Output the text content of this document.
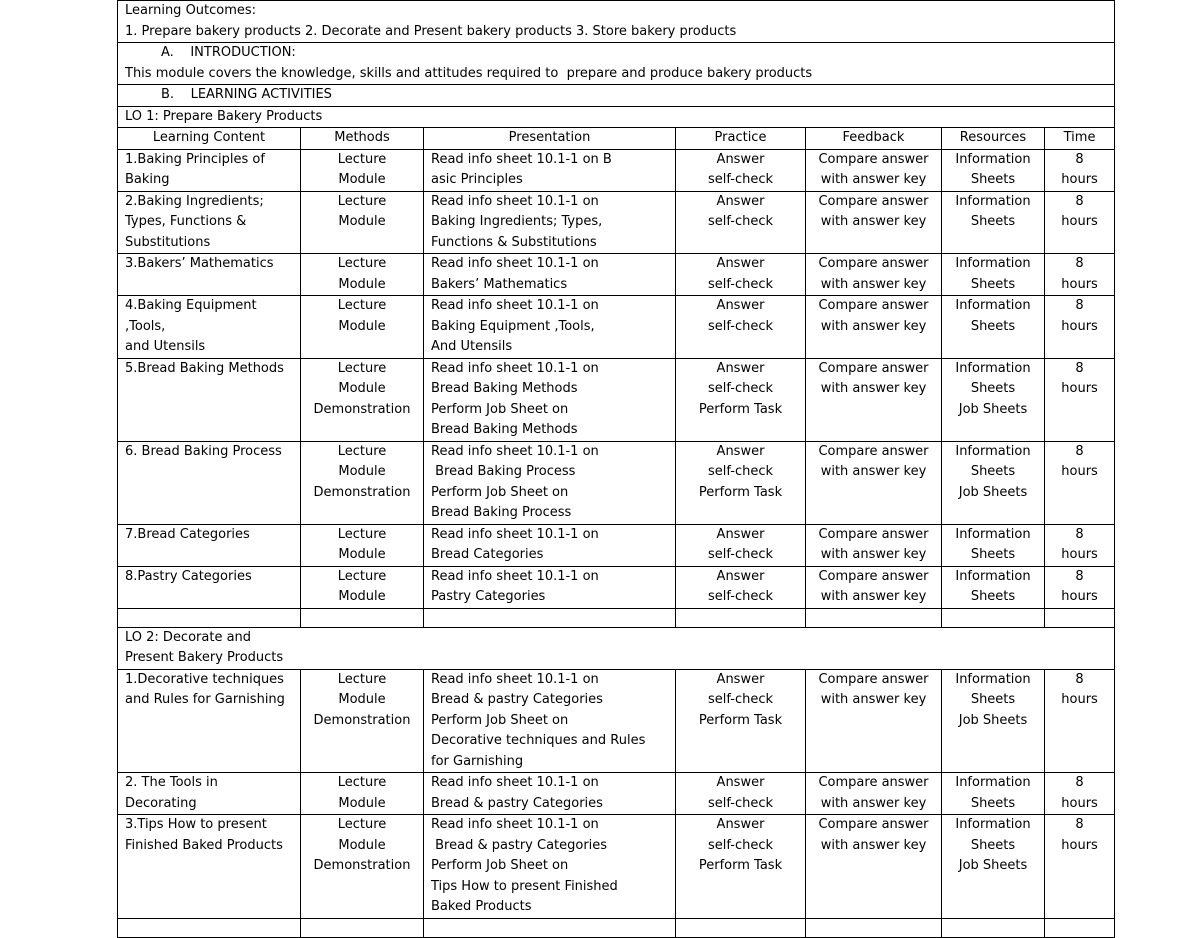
Learning Outcomes:
1. Prepare bakery products 2. Decorate and Present bakery products 3. Store bakery products						

A.    INTRODUCTION:
This module covers the knowledge, skills and attitudes required to  prepare and produce bakery products						

B.    LEARNING ACTIVITIES						

LO 1: Prepare Bakery Products						

Learning Content	Methods	Presentation	Practice	Feedback	Resources	Time

1.Baking Principles of
Baking	Lecture
Module	Read info sheet 10.1-1 on B
asic Principles	Answer
self-check	Compare answer
with answer key	Information
Sheets	8
hours

2.Baking Ingredients;
Types, Functions &
Substitutions	Lecture
Module	Read info sheet 10.1-1 on
Baking Ingredients; Types,
Functions & Substitutions	Answer
self-check	Compare answer
with answer key	Information
Sheets	8
hours

3.Bakers’ Mathematics	Lecture
Module	Read info sheet 10.1-1 on
Bakers’ Mathematics	Answer
self-check	Compare answer
with answer key	Information
Sheets	8
hours

4.Baking Equipment
,Tools,
and Utensils	Lecture
Module	Read info sheet 10.1-1 on
Baking Equipment ,Tools,
And Utensils	Answer
self-check	Compare answer
with answer key	Information
Sheets	8
hours

5.Bread Baking Methods	Lecture
Module
Demonstration	Read info sheet 10.1-1 on
Bread Baking Methods
Perform Job Sheet on
Bread Baking Methods	Answer
self-check
Perform Task	Compare answer
with answer key	Information
Sheets
Job Sheets	8
hours

6. Bread Baking Process	Lecture
Module
Demonstration	Read info sheet 10.1-1 on
Bread Baking Process
Perform Job Sheet on
Bread Baking Process	Answer
self-check
Perform Task	Compare answer
with answer key	Information
Sheets
Job Sheets	8
hours

7.Bread Categories	Lecture
Module	Read info sheet 10.1-1 on
Bread Categories	Answer
self-check	Compare answer
with answer key	Information
Sheets	8
hours

8.Pastry Categories	Lecture
Module	Read info sheet 10.1-1 on
Pastry Categories	Answer
self-check	Compare answer
with answer key	Information
Sheets	8
hours

LO 2: Decorate and
Present Bakery Products						

1.Decorative techniques
and Rules for Garnishing	Lecture
Module
Demonstration	Read info sheet 10.1-1 on
Bread & pastry Categories
Perform Job Sheet on
Decorative techniques and Rules
for Garnishing	Answer
self-check
Perform Task	Compare answer
with answer key	Information
Sheets
Job Sheets	8
hours

2. The Tools in
Decorating	Lecture
Module	Read info sheet 10.1-1 on
Bread & pastry Categories	Answer
self-check	Compare answer
with answer key	Information
Sheets	8
hours

3.Tips How to present
Finished Baked Products	Lecture
Module
Demonstration	Read info sheet 10.1-1 on
Bread & pastry Categories
Perform Job Sheet on
Tips How to present Finished
Baked Products	Answer
self-check
Perform Task	Compare answer
with answer key	Information
Sheets
Job Sheets	8
hours
